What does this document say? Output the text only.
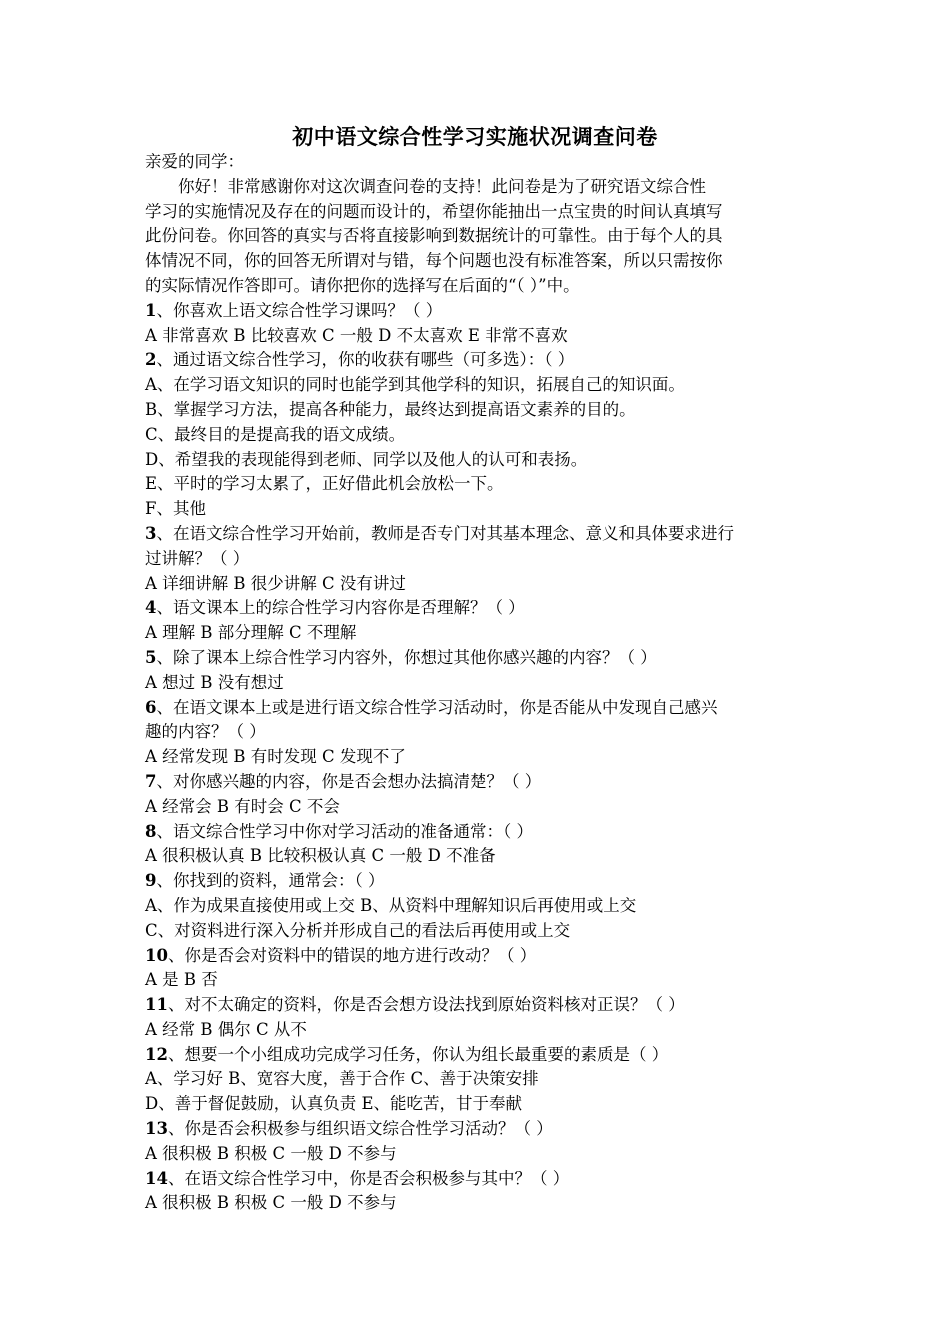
初中语文综合性学习实施状况调查问卷
亲爱的同学：
你好！非常感谢你对这次调查问卷的支持！此问卷是为了研究语文综合性
学习的实施情况及存在的问题而设计的，希望你能抽出一点宝贵的时间认真填写
此份问卷。你回答的真实与否将直接影响到数据统计的可靠性。由于每个人的具
体情况不同，你的回答无所谓对与错，每个问题也没有标准答案，所以只需按你
的实际情况作答即可。请你把你的选择写在后面的“（ ）”中。
1、你喜欢上语文综合性学习课吗？（ ）
A 非常喜欢 B 比较喜欢 C 一般 D 不太喜欢 E 非常不喜欢
2、通过语文综合性学习，你的收获有哪些（可多选）：（ ）
A、在学习语文知识的同时也能学到其他学科的知识，拓展自己的知识面。
B、掌握学习方法，提高各种能力，最终达到提高语文素养的目的。
C、最终目的是提高我的语文成绩。
D、希望我的表现能得到老师、同学以及他人的认可和表扬。
E、平时的学习太累了，正好借此机会放松一下。
F、其他
3、在语文综合性学习开始前，教师是否专门对其基本理念、意义和具体要求进行
过讲解？（ ）
A 详细讲解 B 很少讲解 C 没有讲过
4、语文课本上的综合性学习内容你是否理解？（ ）
A 理解 B 部分理解 C 不理解
5、除了课本上综合性学习内容外，你想过其他你感兴趣的内容？（ ）
A 想过 B 没有想过
6、在语文课本上或是进行语文综合性学习活动时，你是否能从中发现自己感兴
趣的内容？（ ）
A 经常发现 B 有时发现 C 发现不了
7、对你感兴趣的内容，你是否会想办法搞清楚？（ ）
A 经常会 B 有时会 C 不会
8、语文综合性学习中你对学习活动的准备通常：（ ）
A 很积极认真 B 比较积极认真 C 一般 D 不准备
9、你找到的资料，通常会：（ ）
A、作为成果直接使用或上交 B、从资料中理解知识后再使用或上交
C、对资料进行深入分析并形成自己的看法后再使用或上交
10、你是否会对资料中的错误的地方进行改动？（ ）
A 是 B 否
11、对不太确定的资料，你是否会想方设法找到原始资料核对正误？（ ）
A 经常 B 偶尔 C 从不
12、想要一个小组成功完成学习任务，你认为组长最重要的素质是（ ）
A、学习好 B、宽容大度，善于合作 C、善于决策安排
D、善于督促鼓励，认真负责 E、能吃苦，甘于奉献
13、你是否会积极参与组织语文综合性学习活动？（ ）
A 很积极 B 积极 C 一般 D 不参与
14、在语文综合性学习中，你是否会积极参与其中？（ ）
A 很积极 B 积极 C 一般 D 不参与
